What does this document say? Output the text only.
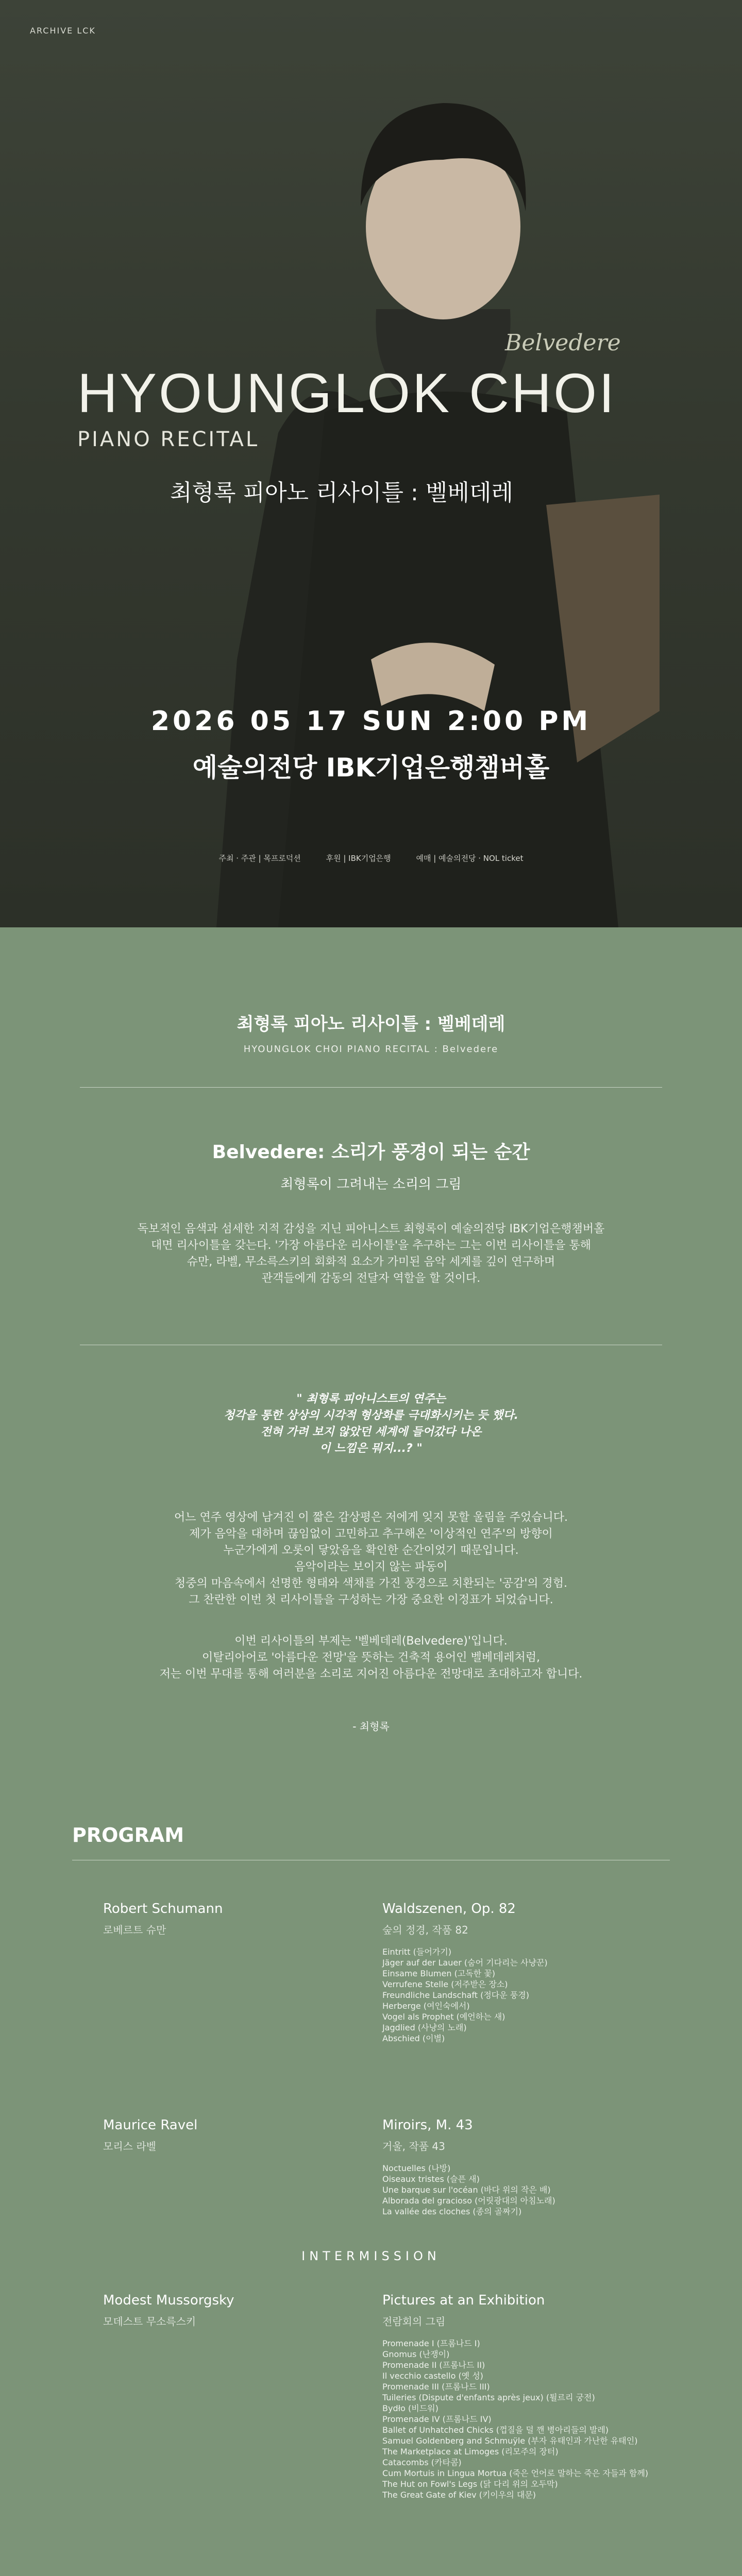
ARCHIVE LCK
Belvedere
HYOUNGLOK CHOI
PIANO RECITAL
최형록 피아노 리사이틀 : 벨베데레
2026 05 17 SUN 2:00 PM
예술의전당 IBK기업은행챔버홀
주최 · 주관 | 목프로덕션	후원 | IBK기업은행	예매 | 예술의전당 · NOL ticket
최형록 피아노 리사이틀 : 벨베데레
HYOUNGLOK CHOI PIANO RECITAL : Belvedere
Belvedere: 소리가 풍경이 되는 순간
최형록이 그려내는 소리의 그림
독보적인 음색과 섬세한 지적 감성을 지닌 피아니스트 최형록이 예술의전당 IBK기업은행챔버홀
대면 리사이틀을 갖는다. '가장 아름다운 리사이틀'을 추구하는 그는 이번 리사이틀을 통해
슈만, 라벨, 무소륵스키의 회화적 요소가 가미된 음악 세계를 깊이 연구하며
관객들에게 감동의 전달자 역할을 할 것이다.
" 최형록 피아니스트의 연주는
청각을 통한 상상의 시각적 형상화를 극대화시키는 듯 했다.
전혀 가려 보지 않았던 세계에 들어갔다 나온
이 느낌은 뭐지...? "
어느 연주 영상에 남겨진 이 짧은 감상평은 저에게 잊지 못할 울림을 주었습니다.
제가 음악을 대하며 끊임없이 고민하고 추구해온 '이상적인 연주'의 방향이
누군가에게 오롯이 닿았음을 확인한 순간이었기 때문입니다.
음악이라는 보이지 않는 파동이
청중의 마음속에서 선명한 형태와 색채를 가진 풍경으로 치환되는 '공감'의 경험.
그 찬란한 이번 첫 리사이틀을 구성하는 가장 중요한 이정표가 되었습니다.
이번 리사이틀의 부제는 '벨베데레(Belvedere)'입니다.
이탈리아어로 '아름다운 전망'을 뜻하는 건축적 용어인 벨베데레처럼,
저는 이번 무대를 통해 여러분을 소리로 지어진 아름다운 전망대로 초대하고자 합니다.
- 최형록
PROGRAM
Robert Schumann
로베르트 슈만
Waldszenen, Op. 82
숲의 정경, 작품 82
Eintritt (들어가기)
Jäger auf der Lauer (숨어 기다리는 사냥꾼)
Einsame Blumen (고독한 꽃)
Verrufene Stelle (저주받은 장소)
Freundliche Landschaft (정다운 풍경)
Herberge (여인숙에서)
Vogel als Prophet (예언하는 새)
Jagdlied (사냥의 노래)
Abschied (이별)
Maurice Ravel
모리스 라벨
Miroirs, M. 43
거울, 작품 43
Noctuelles (나방)
Oiseaux tristes (슬픈 새)
Une barque sur l'océan (바다 위의 작은 배)
Alborada del gracioso (어릿광대의 아침노래)
La vallée des cloches (종의 골짜기)
INTERMISSION
Modest Mussorgsky
모데스트 무소륵스키
Pictures at an Exhibition
전람회의 그림
Promenade I (프롬나드 I)
Gnomus (난쟁이)
Promenade II (프롬나드 II)
Il vecchio castello (옛 성)
Promenade III (프롬나드 III)
Tuileries (Dispute d'enfants après jeux) (튈르리 궁전)
Bydło (비드워)
Promenade IV (프롬나드 IV)
Ballet of Unhatched Chicks (껍질을 덜 깬 병아리들의 발레)
Samuel Goldenberg and Schmuÿle (부자 유태인과 가난한 유태인)
The Marketplace at Limoges (리모주의 장터)
Catacombs (카타콤)
Cum Mortuis in Lingua Mortua (죽은 언어로 말하는 죽은 자들과 함께)
The Hut on Fowl's Legs (닭 다리 위의 오두막)
The Great Gate of Kiev (키이우의 대문)
